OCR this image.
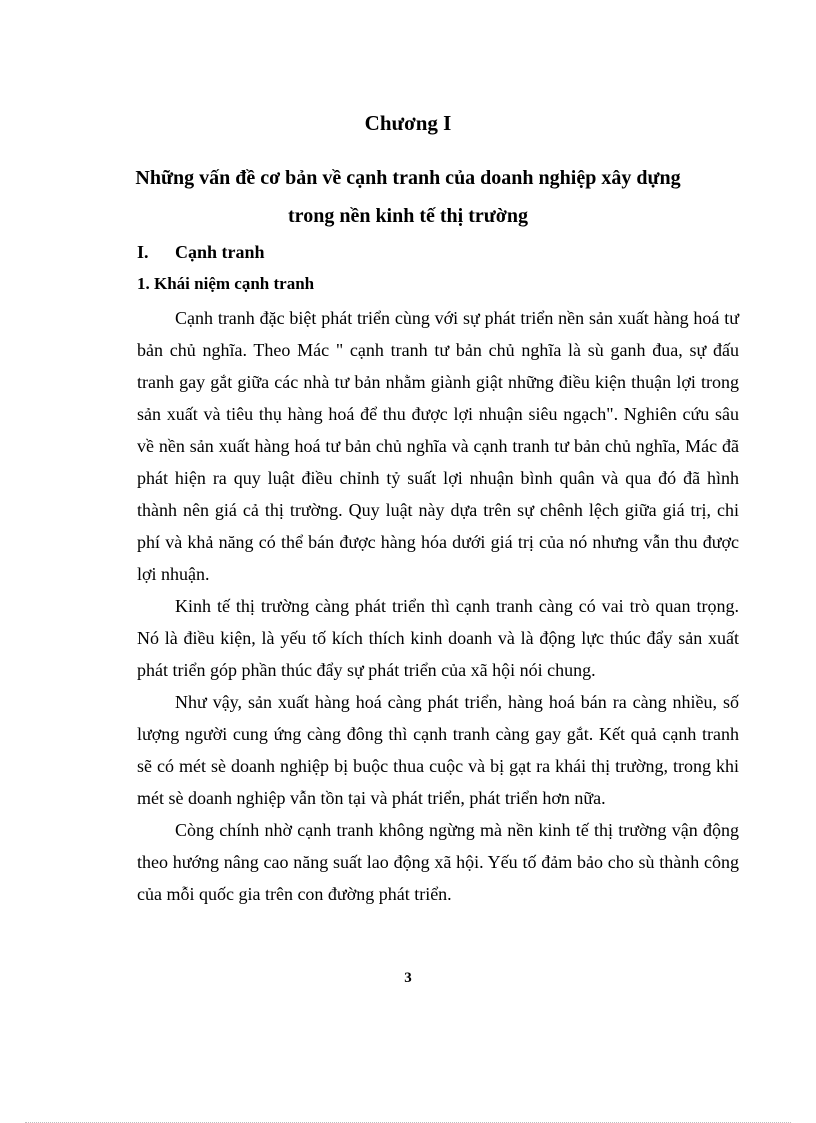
Chương I
Những vấn đề cơ bản về cạnh tranh của doanh nghiệp xây dựng trong nền kinh tế thị trường
I. Cạnh tranh
1. Khái niệm cạnh tranh

Cạnh tranh đặc biệt phát triển cùng với sự phát triển nền sản xuất hàng hoá tư bản chủ nghĩa. Theo Mác " cạnh tranh tư bản chủ nghĩa là sù ganh đua, sự đấu tranh gay gắt giữa các nhà tư bản nhằm giành giật những điều kiện thuận lợi trong sản xuất và tiêu thụ hàng hoá để thu được lợi nhuận siêu ngạch". Nghiên cứu sâu về nền sản xuất hàng hoá tư bản chủ nghĩa và cạnh tranh tư bản chủ nghĩa, Mác đã phát hiện ra quy luật điều chỉnh tỷ suất lợi nhuận bình quân và qua đó đã hình thành nên giá cả thị trường. Quy luật này dựa trên sự chênh lệch giữa giá trị, chi phí và khả năng có thể bán được hàng hóa dưới giá trị của nó nhưng vẫn thu được lợi nhuận.

Kinh tế thị trường càng phát triển thì cạnh tranh càng có vai trò quan trọng. Nó là điều kiện, là yếu tố kích thích kinh doanh và là động lực thúc đẩy sản xuất phát triển góp phần thúc đẩy sự phát triển của xã hội nói chung.

Như vậy, sản xuất hàng hoá càng phát triển, hàng hoá bán ra càng nhiều, số lượng người cung ứng càng đông thì cạnh tranh càng gay gắt. Kết quả cạnh tranh sẽ có mét sè doanh nghiệp bị buộc thua cuộc và bị gạt ra khái thị trường, trong khi mét sè doanh nghiệp vẫn tồn tại và phát triển, phát triển hơn nữa.

Còng chính nhờ cạnh tranh không ngừng mà nền kinh tế thị trường vận động theo hướng nâng cao năng suất lao động xã hội. Yếu tố đảm bảo cho sù thành công của mỗi quốc gia trên con đường phát triển.

3
